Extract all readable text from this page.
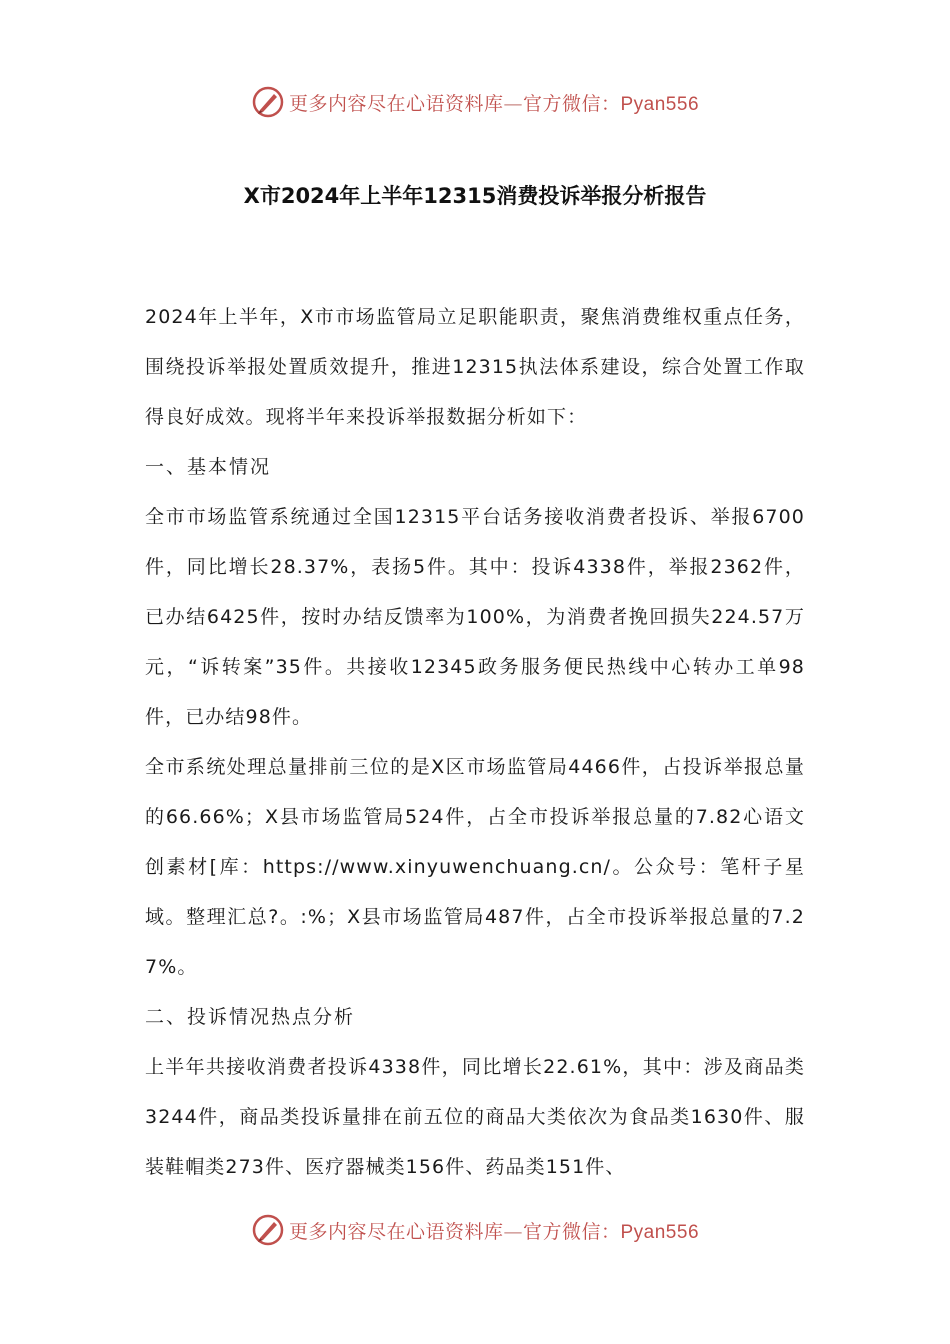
更多内容尽在心语资料库—官方微信：Pyan556
X市2024年上半年12315消费投诉举报分析报告

2024年上半年，X市市场监管局立足职能职责，聚焦消费维权重点任务，围绕投诉举报处置质效提升，推进12315执法体系建设，综合处置工作取得良好成效。现将半年来投诉举报数据分析如下：

一、基本情况

全市市场监管系统通过全国12315平台话务接收消费者投诉、举报6700件，同比增长28.37%，表扬5件。其中：投诉4338件，举报2362件，已办结6425件，按时办结反馈率为100%，为消费者挽回损失224.57万元，“诉转案”35件。共接收12345政务服务便民热线中心转办工单98件，已办结98件。

全市系统处理总量排前三位的是X区市场监管局4466件，占投诉举报总量的66.66%；X县市场监管局524件，占全市投诉举报总量的7.82心语文创素材[库：https://www.xinyuwenchuang.cn/。公众号：笔杆子星域。整理汇总?。:%；X县市场监管局487件，占全市投诉举报总量的7.27%。

二、投诉情况热点分析

上半年共接收消费者投诉4338件，同比增长22.61%，其中：涉及商品类3244件，商品类投诉量排在前五位的商品大类依次为食品类1630件、服装鞋帽类273件、医疗器械类156件、药品类151件、

更多内容尽在心语资料库—官方微信：Pyan556
